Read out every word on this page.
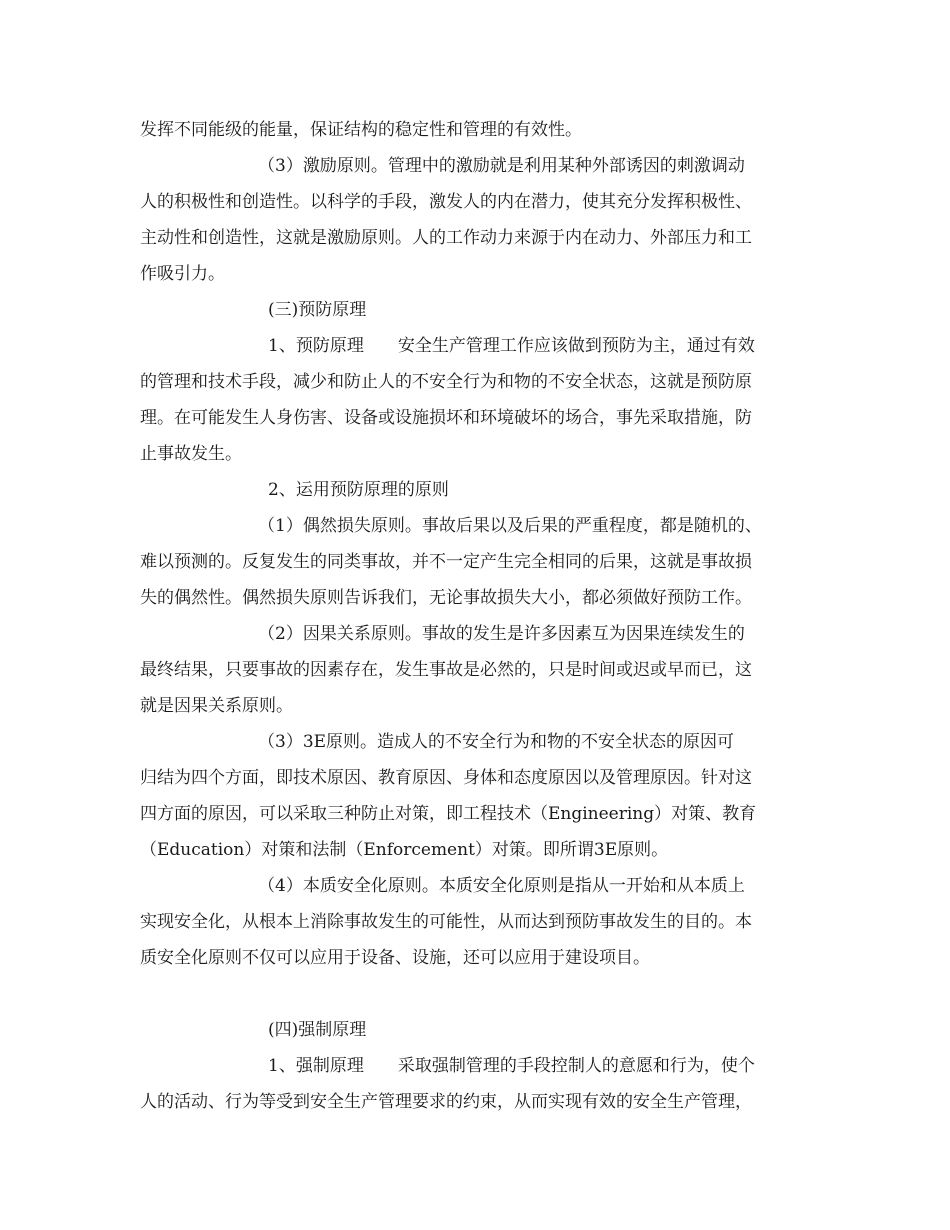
发挥不同能级的能量，保证结构的稳定性和管理的有效性。
（3）激励原则。管理中的激励就是利用某种外部诱因的刺激调动
人的积极性和创造性。以科学的手段，激发人的内在潜力，使其充分发挥积极性、
主动性和创造性，这就是激励原则。人的工作动力来源于内在动力、外部压力和工
作吸引力。
(三)预防原理
1、预防原理　　安全生产管理工作应该做到预防为主，通过有效
的管理和技术手段，减少和防止人的不安全行为和物的不安全状态，这就是预防原
理。在可能发生人身伤害、设备或设施损坏和环境破坏的场合，事先采取措施，防
止事故发生。
2、运用预防原理的原则
（1）偶然损失原则。事故后果以及后果的严重程度，都是随机的、
难以预测的。反复发生的同类事故，并不一定产生完全相同的后果，这就是事故损
失的偶然性。偶然损失原则告诉我们，无论事故损失大小，都必须做好预防工作。
（2）因果关系原则。事故的发生是许多因素互为因果连续发生的
最终结果，只要事故的因素存在，发生事故是必然的，只是时间或迟或早而已，这
就是因果关系原则。
（3）3E原则。造成人的不安全行为和物的不安全状态的原因可
归结为四个方面，即技术原因、教育原因、身体和态度原因以及管理原因。针对这
四方面的原因，可以采取三种防止对策，即工程技术（Engineering）对策、教育
（Education）对策和法制（Enforcement）对策。即所谓3E原则。
（4）本质安全化原则。本质安全化原则是指从一开始和从本质上
实现安全化，从根本上消除事故发生的可能性，从而达到预防事故发生的目的。本
质安全化原则不仅可以应用于设备、设施，还可以应用于建设项目。
(四)强制原理
1、强制原理　　采取强制管理的手段控制人的意愿和行为，使个
人的活动、行为等受到安全生产管理要求的约束，从而实现有效的安全生产管理，
